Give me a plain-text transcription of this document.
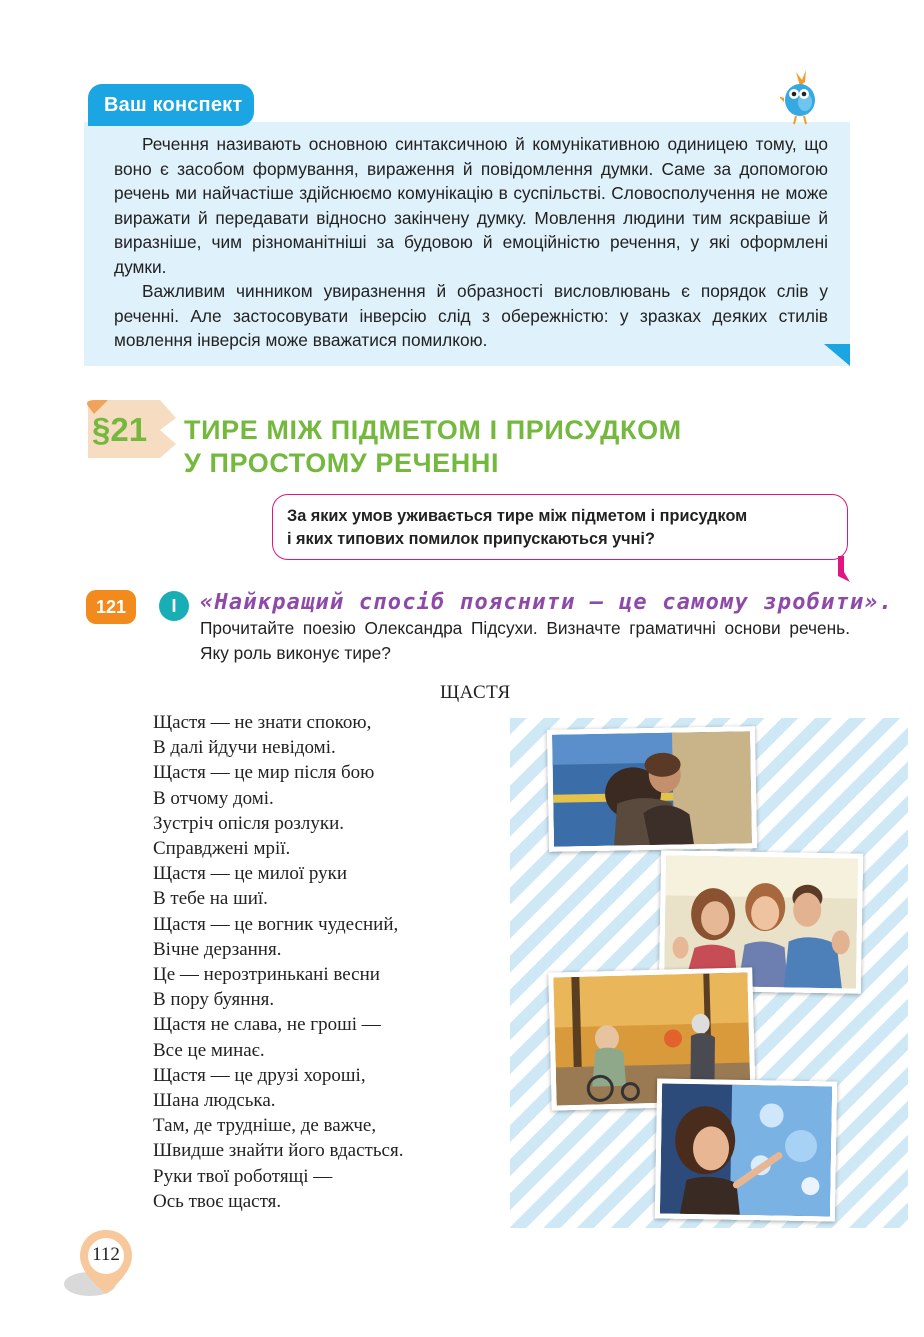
Ваш конспект

Речення називають основною синтаксичною й комунікативною одиницею тому, що воно є засобом формування, вираження й повідомлення думки. Саме за допомогою речень ми найчастіше здійснюємо комунікацію в суспільстві. Словосполучення не може виражати й передавати відносно закінчену думку. Мовлення людини тим яскравіше й виразніше, чим різноманітніші за будовою й емоційністю речення, у які оформлені думки.

Важливим чинником увиразнення й образності висловлювань є порядок слів у реченні. Але застосовувати інверсію слід з обережністю: у зразках деяких стилів мовлення інверсія може вважатися помилкою.

§21 ТИРЕ МІЖ ПІДМЕТОМ І ПРИСУДКОМ
У ПРОСТОМУ РЕЧЕННІ
За яких умов уживається тире між підметом і присудком
і яких типових помилок припускаються учні?
121	I	«Найкращий спосіб пояснити — це самому зробити».
Прочитайте поезію Олександра Підсухи. Визначте граматичні основи речень. Яку роль виконує тире?
ЩАСТЯ
Щастя — не знати спокою,
В далі йдучи невідомі.
Щастя — це мир після бою
В отчому домі.
Зустріч опісля розлуки.
Справджені мрії.
Щастя — це милої руки
В тебе на шиї.
Щастя — це вогник чудесний,
Вічне дерзання.
Це — нерозтринькані весни
В пору буяння.
Щастя не слава, не гроші —
Все це минає.
Щастя — це друзі хороші,
Шана людська.
Там, де трудніше, де важче,
Швидше знайти його вдасться.
Руки твої роботящі —
Ось твоє щастя.
112
